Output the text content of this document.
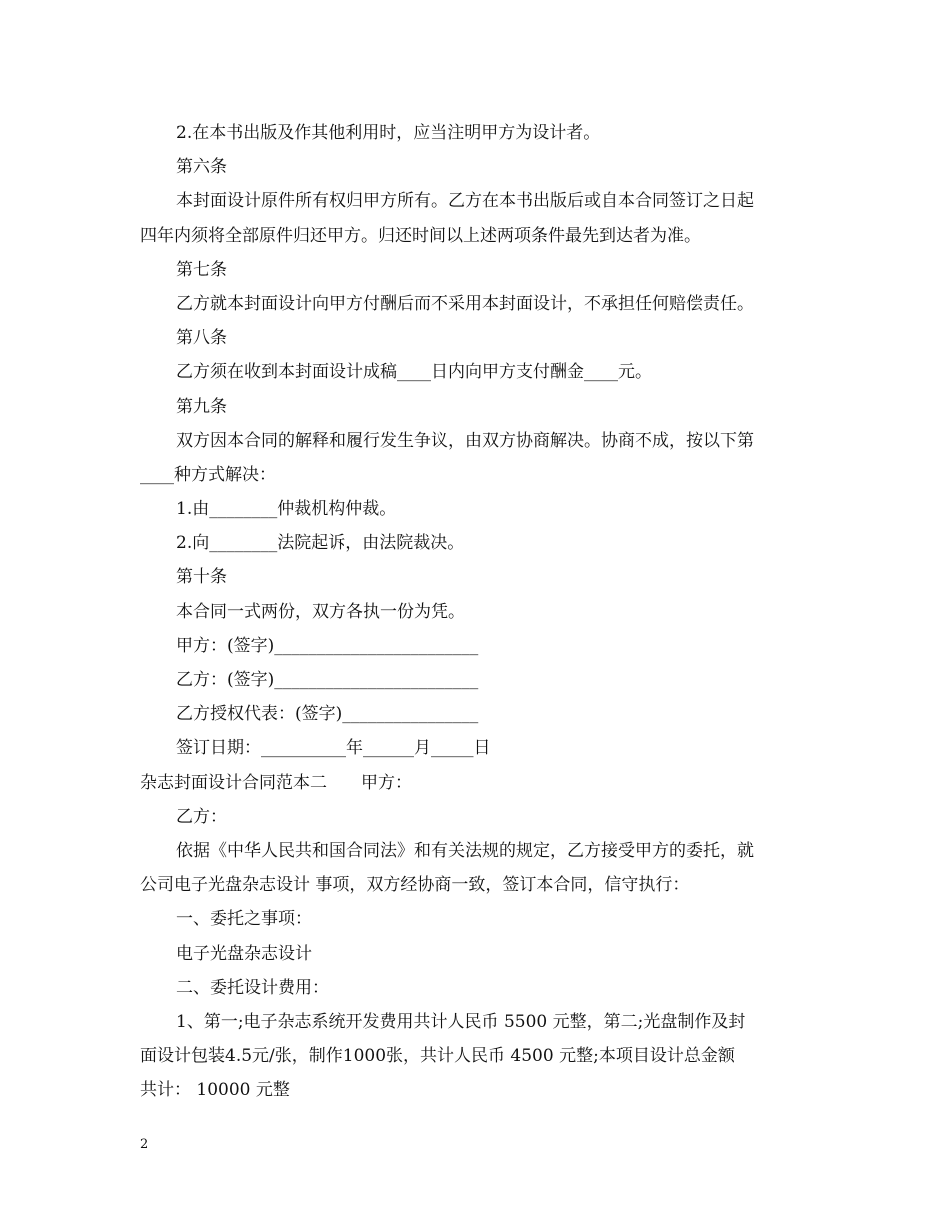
2.在本书出版及作其他利用时，应当注明甲方为设计者。
第六条
本封面设计原件所有权归甲方所有。乙方在本书出版后或自本合同签订之日起
四年内须将全部原件归还甲方。归还时间以上述两项条件最先到达者为准。
第七条
乙方就本封面设计向甲方付酬后而不采用本封面设计，不承担任何赔偿责任。
第八条
乙方须在收到本封面设计成稿____日内向甲方支付酬金____元。
第九条
双方因本合同的解释和履行发生争议，由双方协商解决。协商不成，按以下第
____种方式解决：
1.由________仲裁机构仲裁。
2.向________法院起诉，由法院裁决。
第十条
本合同一式两份，双方各执一份为凭。
甲方：(签字)________________________
乙方：(签字)________________________
乙方授权代表：(签字)________________
签订日期：__________年______月_____日
杂志封面设计合同范本二　　甲方：
乙方：
依据《中华人民共和国合同法》和有关法规的规定，乙方接受甲方的委托，就
公司电子光盘杂志设计 事项，双方经协商一致，签订本合同，信守执行：
一、委托之事项：
电子光盘杂志设计
二、委托设计费用：
1、第一;电子杂志系统开发费用共计人民币 5500 元整，第二;光盘制作及封
面设计包装4.5元/张，制作1000张，共计人民币 4500 元整;本项目设计总金额
共计： 10000 元整
2
